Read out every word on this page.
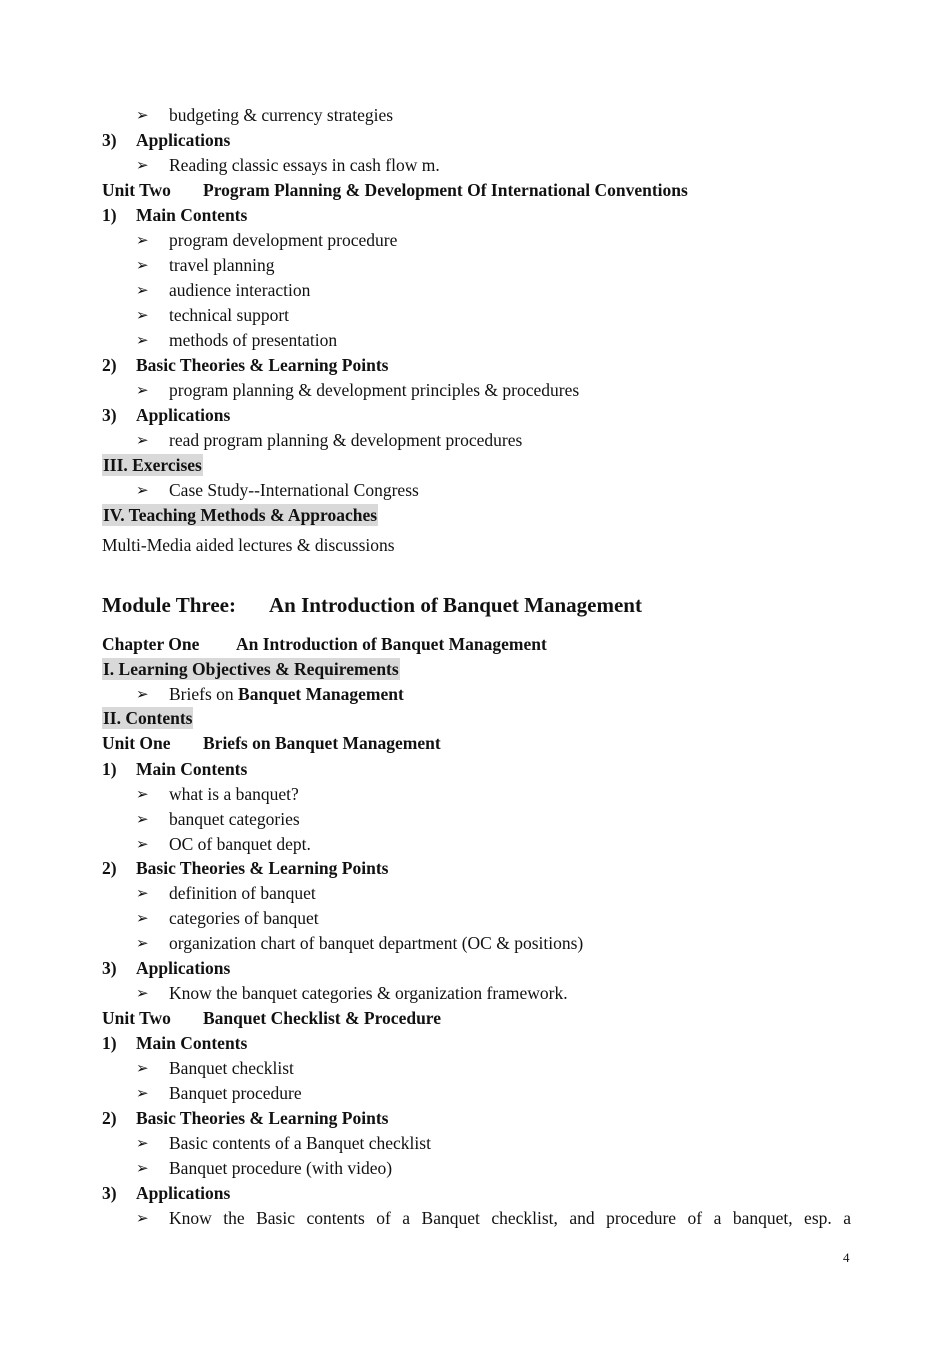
➢ budgeting & currency strategies
3) Applications
➢ Reading classic essays in cash flow m.
Unit Two Program Planning & Development Of International Conventions
1) Main Contents
➢ program development procedure
➢ travel planning
➢ audience interaction
➢ technical support
➢ methods of presentation
2) Basic Theories & Learning Points
➢ program planning & development principles & procedures
3) Applications
➢ read program planning & development procedures
III. Exercises
➢ Case Study--International Congress
IV. Teaching Methods & Approaches
Multi-Media aided lectures & discussions
Module Three: An Introduction of Banquet Management
Chapter One An Introduction of Banquet Management
I. Learning Objectives & Requirements
➢ Briefs on Banquet Management
II. Contents
Unit One Briefs on Banquet Management
1) Main Contents
➢ what is a banquet?
➢ banquet categories
➢ OC of banquet dept.
2) Basic Theories & Learning Points
➢ definition of banquet
➢ categories of banquet
➢ organization chart of banquet department (OC & positions)
3) Applications
➢ Know the banquet categories & organization framework.
Unit Two Banquet Checklist & Procedure
1) Main Contents
➢ Banquet checklist
➢ Banquet procedure
2) Basic Theories & Learning Points
➢ Basic contents of a Banquet checklist
➢ Banquet procedure (with video)
3) Applications
➢ Know the Basic contents of a Banquet checklist, and procedure of a banquet, esp. a
4
